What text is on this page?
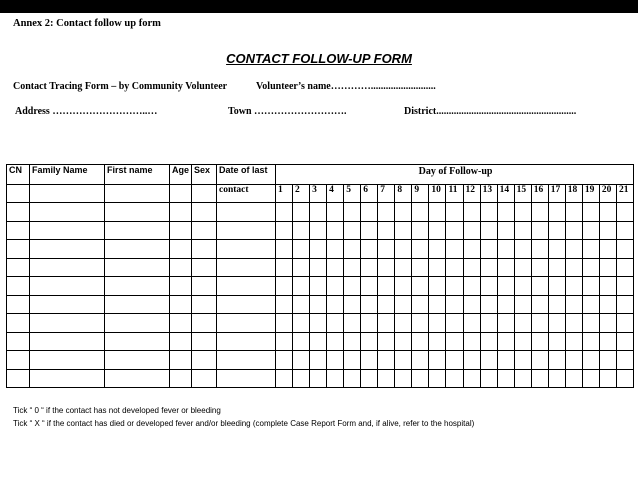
Annex 2: Contact follow up form
CONTACT FOLLOW-UP FORM
Contact Tracing Form – by Community Volunteer	Volunteer’s name…………..........................
Address ………………………..…	Town ……………………….	District........................................................
CN	Family Name	First name	Age	Sex	Date of last	Day of Follow-up																				
					contact	1	2	3	4	5	6	7	8	9	10	11	12	13	14	15	16	17	18	19	20	21

Tick “ 0 “ if the contact has not developed fever or bleeding
Tick “ X “ if the contact has died or developed fever and/or bleeding (complete Case Report Form and, if alive, refer to the hospital)
